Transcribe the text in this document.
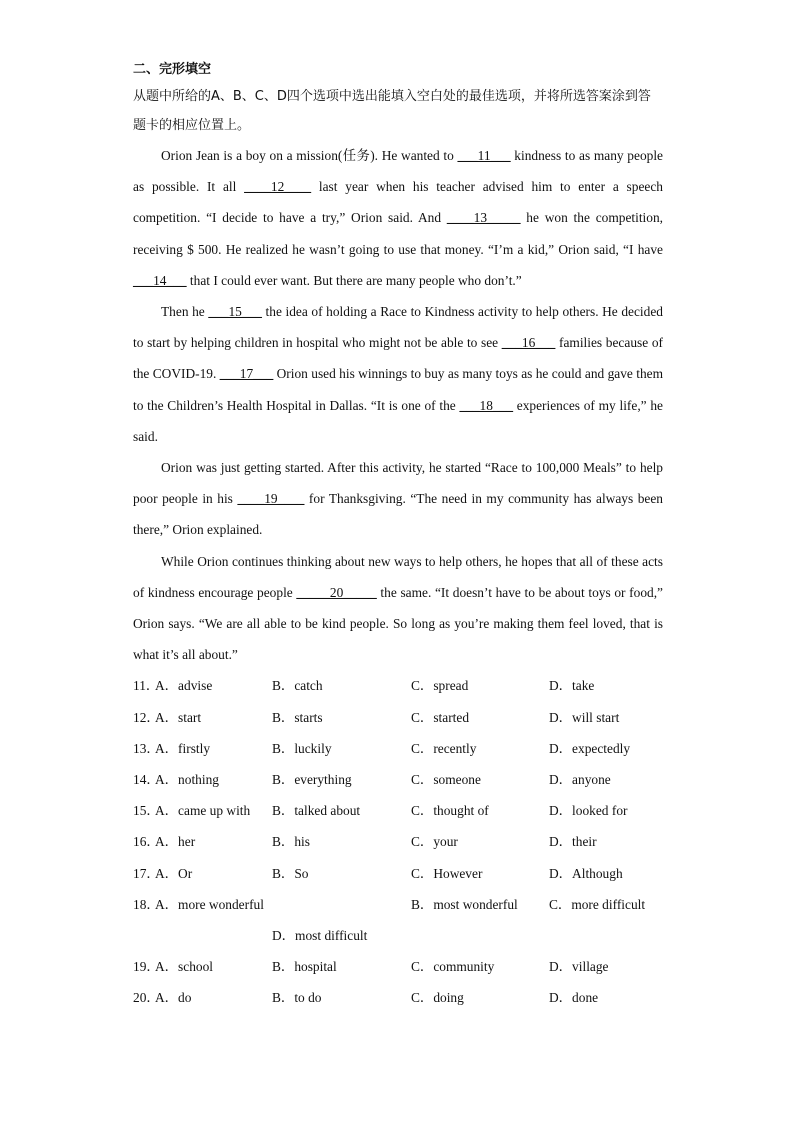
二、完形填空

从题中所给的A、B、C、D四个选项中选出能填入空白处的最佳选项，并将所选答案涂到答题卡的相应位置上。

Orion Jean is a boy on a mission(任务). He wanted to ___11___ kindness to as many people as possible. It all ____12____ last year when his teacher advised him to enter a speech competition. “I decide to have a try,” Orion said. And ____13_____ he won the competition, receiving $ 500. He realized he wasn’t going to use that money. “I’m a kid,” Orion said, “I have ___14___ that I could ever want. But there are many people who don’t.”

Then he ___15___ the idea of holding a Race to Kindness activity to help others. He decided to start by helping children in hospital who might not be able to see ___16___ families because of the COVID-19. ___17___ Orion used his winnings to buy as many toys as he could and gave them to the Children’s Health Hospital in Dallas. “It is one of the ___18___ experiences of my life,” he said.

Orion was just getting started. After this activity, he started “Race to 100,000 Meals” to help poor people in his ____19____ for Thanksgiving. “The need in my community has always been there,” Orion explained.

While Orion continues thinking about new ways to help others, he hopes that all of these acts of kindness encourage people _____20_____ the same. “It doesn’t have to be about toys or food,” Orion says. “We are all able to be kind people. So long as you’re making them feel loved, that is what it’s all about.”

11．
A．advise	B．catch	C．spread	D．take
12．
A．start	B．starts	C．started	D．will start
13．
A．firstly	B．luckily	C．recently	D．expectedly
14．
A．nothing	B．everything	C．someone	D．anyone
15．
A．came up with B．talked about	C．thought of	D．looked for
16．
A．her	B．his	C．your	D．their
17．
A．Or	B．So	C．However	D．Although
18．
A．more wonderful	B．most wonderful C．more difficult
D．most difficult
19．
A．school	B．hospital	C．community	D．village
20．
A．do	B．to do	C．doing	D．done
